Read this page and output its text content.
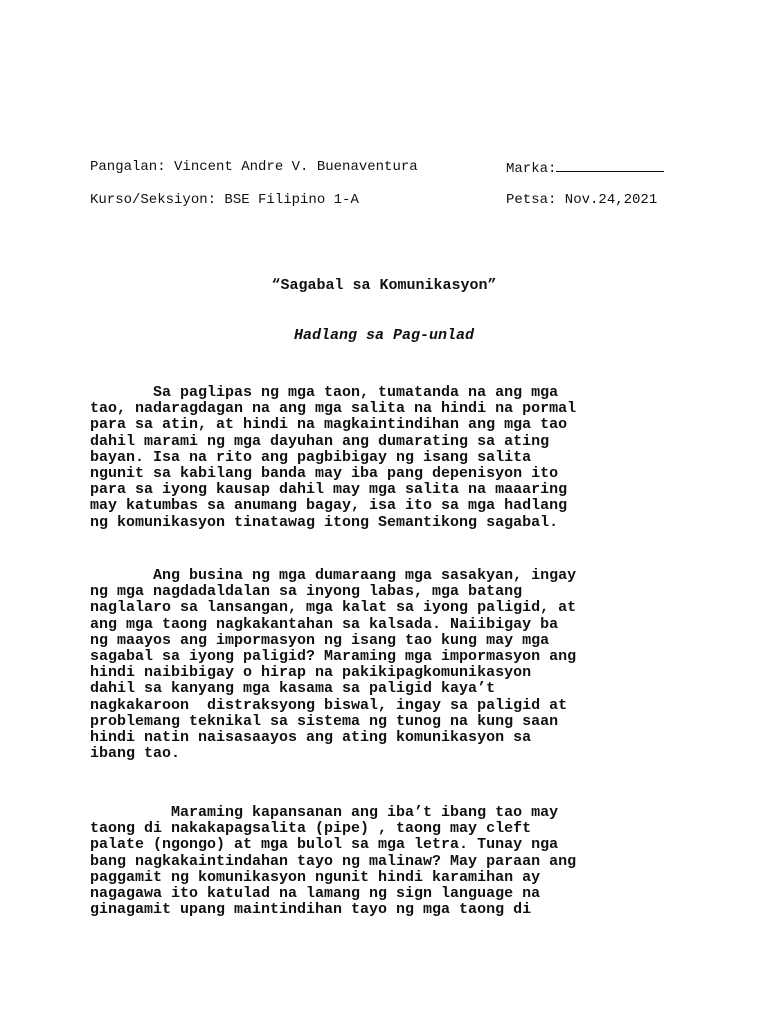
Pangalan: Vincent Andre V. Buenaventura

	Marka:

Kurso/Seksiyon: BSE Filipino 1-A

	Petsa: Nov.24,2021

“Sagabal sa Komunikasyon”
Hadlang sa Pag-unlad

Sa paglipas ng mga taon, tumatanda na ang mga
tao, nadaragdagan na ang mga salita na hindi na pormal
para sa atin, at hindi na magkaintindihan ang mga tao
dahil marami ng mga dayuhan ang dumarating sa ating
bayan. Isa na rito ang pagbibigay ng isang salita
ngunit sa kabilang banda may iba pang depenisyon ito
para sa iyong kausap dahil may mga salita na maaaring
may katumbas sa anumang bagay, isa ito sa mga hadlang
ng komunikasyon tinatawag itong Semantikong sagabal.

Ang busina ng mga dumaraang mga sasakyan, ingay
ng mga nagdadaldalan sa inyong labas, mga batang
naglalaro sa lansangan, mga kalat sa iyong paligid, at
ang mga taong nagkakantahan sa kalsada. Naiibigay ba
ng maayos ang impormasyon ng isang tao kung may mga
sagabal sa iyong paligid? Maraming mga impormasyon ang
hindi naibibigay o hirap na pakikipagkomunikasyon
dahil sa kanyang mga kasama sa paligid kaya’t
nagkakaroon  distraksyong biswal, ingay sa paligid at
problemang teknikal sa sistema ng tunog na kung saan
hindi natin naisasaayos ang ating komunikasyon sa
ibang tao.

Maraming kapansanan ang iba’t ibang tao may
taong di nakakapagsalita (pipe) , taong may cleft
palate (ngongo) at mga bulol sa mga letra. Tunay nga
bang nagkakaintindahan tayo ng malinaw? May paraan ang
paggamit ng komunikasyon ngunit hindi karamihan ay
nagagawa ito katulad na lamang ng sign language na
ginagamit upang maintindihan tayo ng mga taong di
